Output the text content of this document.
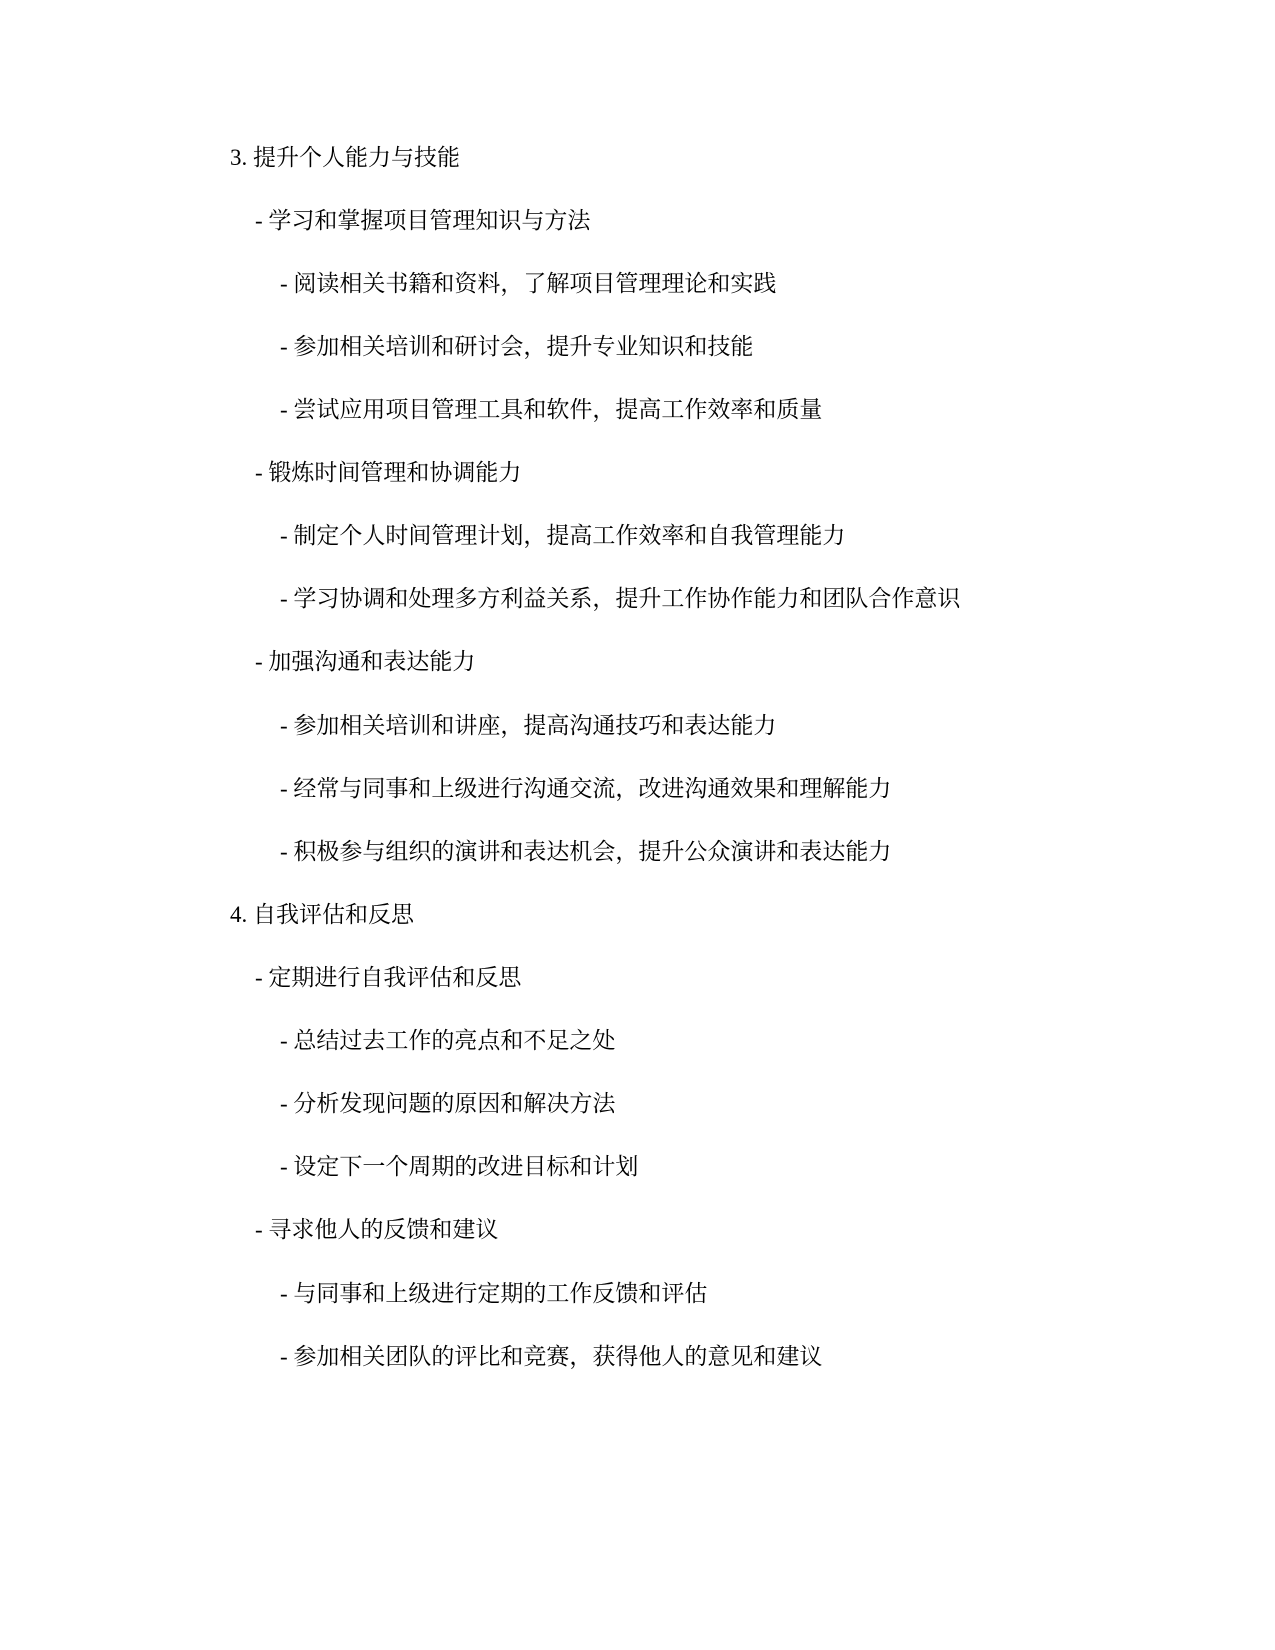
3. 提升个人能力与技能
- 学习和掌握项目管理知识与方法
- 阅读相关书籍和资料，了解项目管理理论和实践
- 参加相关培训和研讨会，提升专业知识和技能
- 尝试应用项目管理工具和软件，提高工作效率和质量
- 锻炼时间管理和协调能力
- 制定个人时间管理计划，提高工作效率和自我管理能力
- 学习协调和处理多方利益关系，提升工作协作能力和团队合作意识
- 加强沟通和表达能力
- 参加相关培训和讲座，提高沟通技巧和表达能力
- 经常与同事和上级进行沟通交流，改进沟通效果和理解能力
- 积极参与组织的演讲和表达机会，提升公众演讲和表达能力
4. 自我评估和反思
- 定期进行自我评估和反思
- 总结过去工作的亮点和不足之处
- 分析发现问题的原因和解决方法
- 设定下一个周期的改进目标和计划
- 寻求他人的反馈和建议
- 与同事和上级进行定期的工作反馈和评估
- 参加相关团队的评比和竞赛，获得他人的意见和建议
